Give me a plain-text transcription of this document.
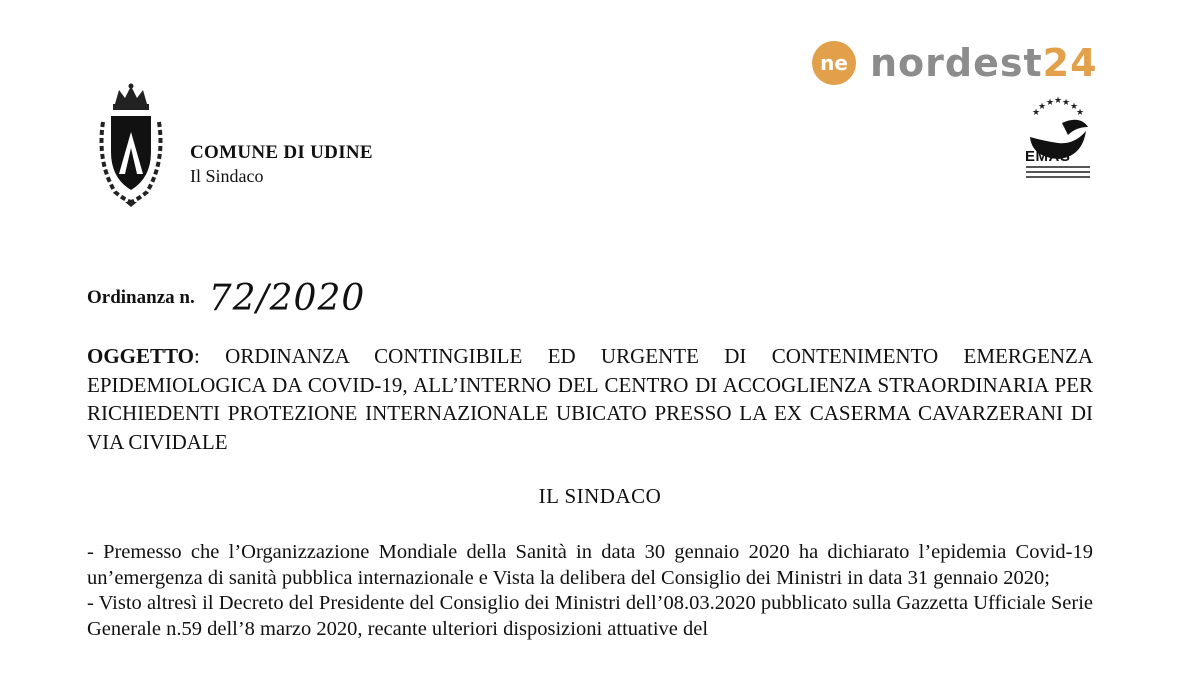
ne nordest24
COMUNE DI UDINE
Il Sindaco
★ ★ ★ ★ ★
★
★
EMAS
Ordinanza n. 72/2020
OGGETTO: ORDINANZA CONTINGIBILE ED URGENTE DI CONTENIMENTO EMERGENZA EPIDEMIOLOGICA DA COVID-19, ALL’INTERNO DEL CENTRO DI ACCOGLIENZA STRAORDINARIA PER RICHIEDENTI PROTEZIONE INTERNAZIONALE UBICATO PRESSO LA EX CASERMA CAVARZERANI DI VIA CIVIDALE
IL SINDACO

- Premesso che l’Organizzazione Mondiale della Sanità in data 30 gennaio 2020 ha dichiarato l’epidemia Covid-19 un’emergenza di sanità pubblica internazionale e Vista la delibera del Consiglio dei Ministri in data 31 gennaio 2020;

- Visto altresì il Decreto del Presidente del Consiglio dei Ministri dell’08.03.2020 pubblicato sulla Gazzetta Ufficiale Serie Generale n.59 dell’8 marzo 2020, recante ulteriori disposizioni attuative del
